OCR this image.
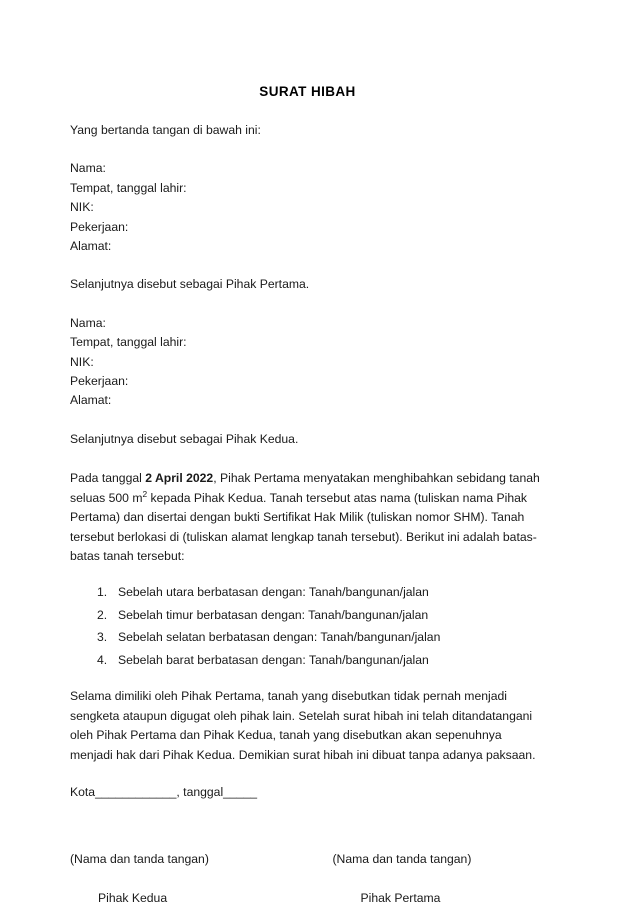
SURAT HIBAH

Yang bertanda tangan di bawah ini:

Nama:
Tempat, tanggal lahir:
NIK:
Pekerjaan:
Alamat:

Selanjutnya disebut sebagai Pihak Pertama.

Nama:
Tempat, tanggal lahir:
NIK:
Pekerjaan:
Alamat:

Selanjutnya disebut sebagai Pihak Kedua.

Pada tanggal 2 April 2022, Pihak Pertama menyatakan menghibahkan sebidang tanah seluas 500 $m^2$ kepada Pihak Kedua. Tanah tersebut atas nama (tuliskan nama Pihak Pertama) dan disertai dengan bukti Sertifikat Hak Milik (tuliskan nomor SHM). Tanah tersebut berlokasi di (tuliskan alamat lengkap tanah tersebut). Berikut ini adalah batas-batas tanah tersebut:

Sebelah utara berbatasan dengan: Tanah/bangunan/jalan
Sebelah timur berbatasan dengan: Tanah/bangunan/jalan
Sebelah selatan berbatasan dengan: Tanah/bangunan/jalan
Sebelah barat berbatasan dengan: Tanah/bangunan/jalan

Selama dimiliki oleh Pihak Pertama, tanah yang disebutkan tidak pernah menjadi sengketa ataupun digugat oleh pihak lain. Setelah surat hibah ini telah ditandatangani oleh Pihak Pertama dan Pihak Kedua, tanah yang disebutkan akan sepenuhnya menjadi hak dari Pihak Kedua. Demikian surat hibah ini dibuat tanpa adanya paksaan.

Kota____________, tanggal_____
(Nama dan tanda tangan)
Pihak Kedua
(Nama dan tanda tangan)
Pihak Pertama
